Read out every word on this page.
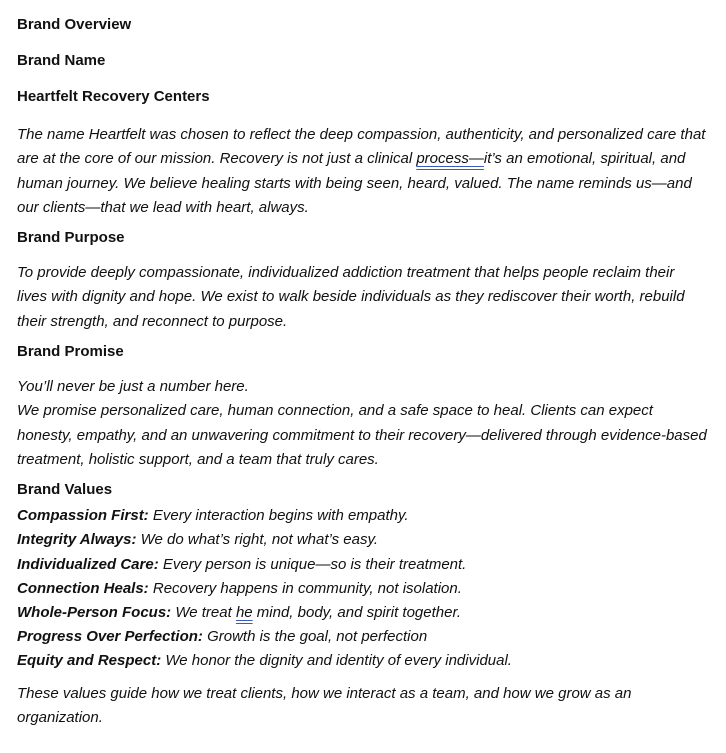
Brand Overview

Brand Name

Heartfelt Recovery Centers

The name Heartfelt was chosen to reflect the deep compassion, authenticity, and personalized care that are at the core of our mission. Recovery is not just a clinical process—it’s an emotional, spiritual, and human journey. We believe healing starts with being seen, heard, valued. The name reminds us—and our clients—that we lead with heart, always.

Brand Purpose

To provide deeply compassionate, individualized addiction treatment that helps people reclaim their lives with dignity and hope. We exist to walk beside individuals as they rediscover their worth, rebuild their strength, and reconnect to purpose.

Brand Promise

You’ll never be just a number here.

We promise personalized care, human connection, and a safe space to heal. Clients can expect honesty, empathy, and an unwavering commitment to their recovery—delivered through evidence-based treatment, holistic support, and a team that truly cares.

Brand Values

Compassion First: Every interaction begins with empathy.

Integrity Always: We do what’s right, not what’s easy.

Individualized Care: Every person is unique—so is their treatment.

Connection Heals: Recovery happens in community, not isolation.

Whole-Person Focus: We treat he mind, body, and spirit together.

Progress Over Perfection: Growth is the goal, not perfection

Equity and Respect: We honor the dignity and identity of every individual.

These values guide how we treat clients, how we interact as a team, and how we grow as an organization.
